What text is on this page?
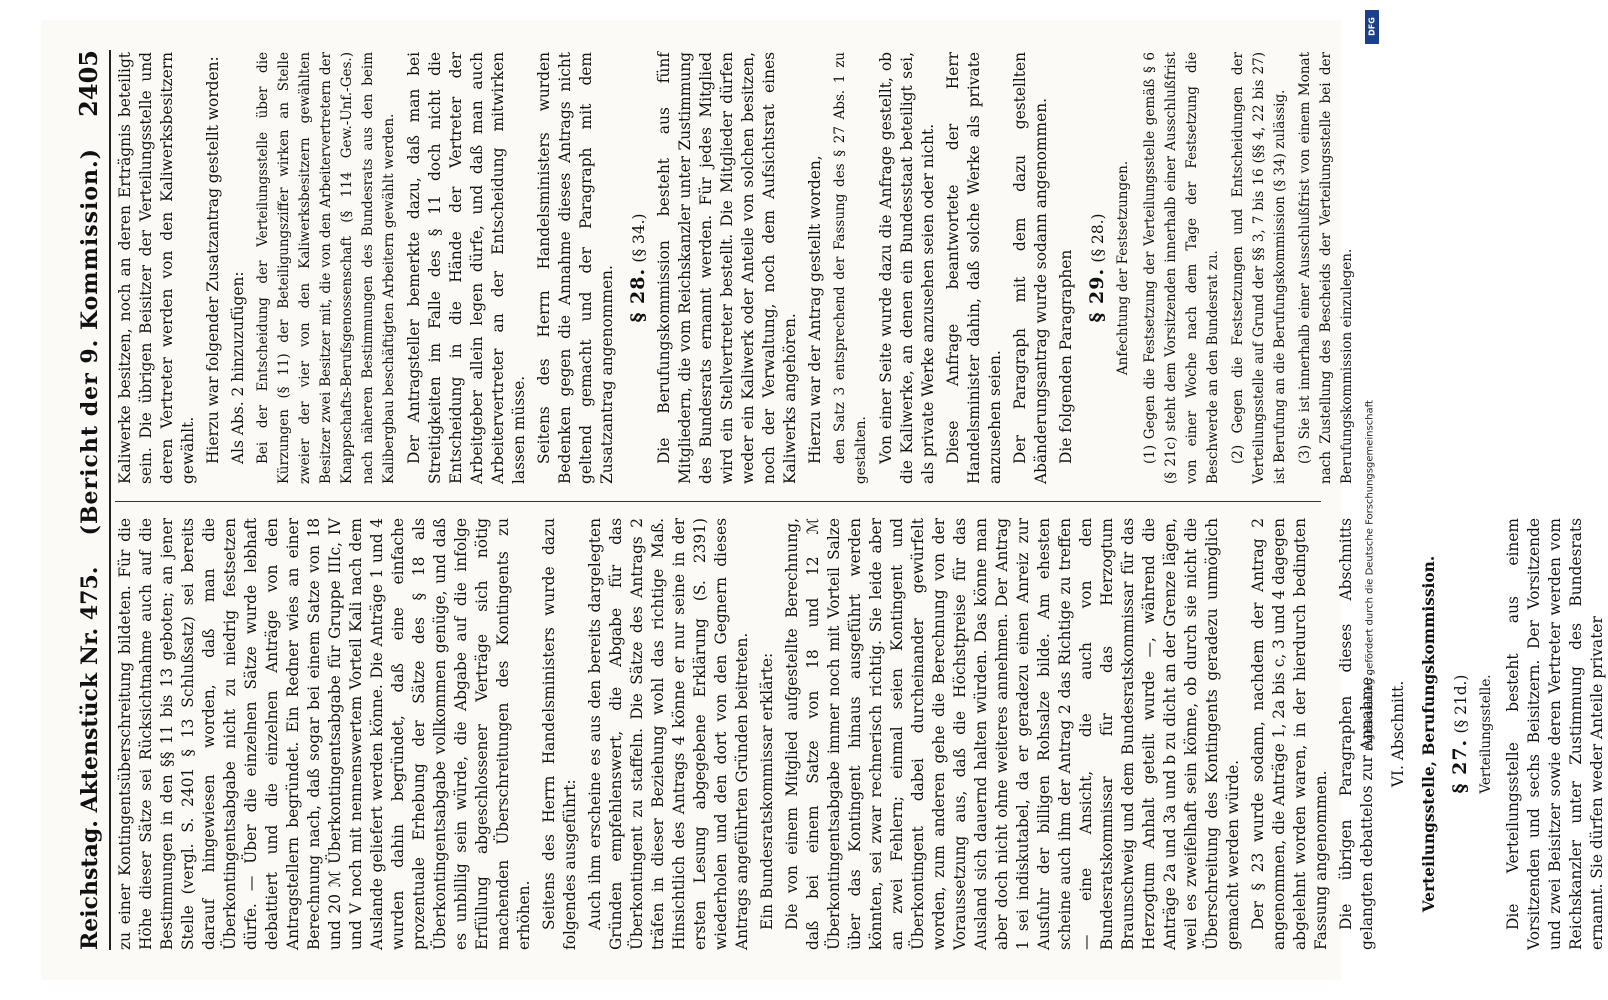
Reichstag. Aktenstück Nr. 475.
(Bericht der 9. Kommission.)
2405

zu einer Kontingentsüberschreitung bildeten. Für die Höhe dieser Sätze sei Rücksichtnahme auch auf die Bestimmungen in den §§ 11 bis 13 geboten; an jener Stelle (vergl. S. 2401 § 13 Schlußsatz) sei bereits darauf hingewiesen worden, daß man die Überkontingentsabgabe nicht zu niedrig festsetzen dürfe. — Über die einzelnen Sätze wurde lebhaft debattiert und die einzelnen Anträge von den Antragstellern begründet. Ein Redner wies an einer Berechnung nach, daß sogar bei einem Satze von 18 und 20 ℳ Überkontingentsabgabe für Gruppe IIIc, IV und V noch mit nennenswertem Vorteil Kali nach dem Auslande geliefert werden könne. Die Anträge 1 und 4 wurden dahin begründet, daß eine einfache prozentuale Erhebung der Sätze des § 18 als Überkontingentsabgabe vollkommen genüge, und daß es unbillig sein würde, die Abgabe auf die infolge Erfüllung abgeschlossener Verträge sich nötig machenden Überschreitungen des Kontingents zu erhöhen. Seitens des Herrn Handelsministers wurde dazu folgendes ausgeführt: Auch ihm erscheine es aus den bereits dargelegten Gründen empfehlenswert, die Abgabe für das Überkontingent zu staffeln. Die Sätze des Antrags 2 träfen in dieser Beziehung wohl das richtige Maß. Hinsichtlich des Antrags 4 könne er nur seine in der ersten Lesung abgegebene Erklärung (S. 2391) wiederholen und den dort von den Gegnern dieses Antrags angeführten Gründen beitreten. Ein Bundesratskommissar erklärte: Die von einem Mitglied aufgestellte Berechnung, daß bei einem Satze von 18 und 12 ℳ Überkontingentsabgabe immer noch mit Vorteil Salze über das Kontingent hinaus ausgeführt werden könnten, sei zwar rechnerisch richtig. Sie leide aber an zwei Fehlern; einmal seien Kontingent und Überkontingent dabei durcheinander gewürfelt worden, zum anderen gehe die Berechnung von der Voraussetzung aus, daß die Höchstpreise für das Ausland sich dauernd halten würden. Das könne man aber doch nicht ohne weiteres annehmen. Der Antrag 1 sei indiskutabel, da er geradezu einen Anreiz zur Ausfuhr der billigen Rohsalze bilde. Am ehesten scheine auch ihm der Antrag 2 das Richtige zu treffen — eine Ansicht, die auch von den Bundesratskommissar für das Herzogtum Braunschweig und dem Bundesratskommissar für das Herzogtum Anhalt geteilt wurde —, während die Anträge 2a und 3a und b zu dicht an der Grenze lägen, weil es zweifelhaft sein könne, ob durch sie nicht die Überschreitung des Kontingents geradezu unmöglich gemacht werden würde. Der § 23 wurde sodann, nachdem der Antrag 2 angenommen, die Anträge 1, 2a bis c, 3 und 4 dagegen abgelehnt worden waren, in der hierdurch bedingten Fassung angenommen. Die übrigen Paragraphen dieses Abschnitts gelangten debattelos zur Annahme. VI. Abschnitt. Verteilungsstelle, Berufungskommission. § 27. (§ 21d.) Verteilungsstelle. Die Verteilungsstelle besteht aus einem Vorsitzenden und sechs Beisitzern. Der Vorsitzende und zwei Beisitzer sowie deren Vertreter werden vom Reichskanzler unter Zustimmung des Bundesrats ernannt. Sie dürfen weder Anteile privater

Kaliwerke besitzen, noch an deren Erträgnis beteiligt sein. Die übrigen Beisitzer der Verteilungsstelle und deren Vertreter werden von den Kaliwerksbesitzern gewählt. Hierzu war folgender Zusatzantrag gestellt worden: Als Abs. 2 hinzuzufügen: Bei der Entscheidung der Verteilungsstelle über die Kürzungen (§ 11) der Beteiligungsziffer wirken an Stelle zweier der vier von den Kaliwerksbesitzern gewählten Besitzer zwei Besitzer mit, die von den Arbeitervertretern der Knappschafts-Berufsgenossenschaft (§ 114 Gew.-Unf.-Ges.) nach näheren Bestimmungen des Bundesrats aus den beim Kalibergbau beschäftigten Arbeitern gewählt werden. Der Antragsteller bemerkte dazu, daß man bei Streitigkeiten im Falle des § 11 doch nicht die Entscheidung in die Hände der Vertreter der Arbeitgeber allein legen dürfe, und daß man auch Arbeitervertreter an der Entscheidung mitwirken lassen müsse. Seitens des Herrn Handelsministers wurden Bedenken gegen die Annahme dieses Antrags nicht geltend gemacht und der Paragraph mit dem Zusatzantrag angenommen. § 28. (§ 34.) Die Berufungskommission besteht aus fünf Mitgliedern, die vom Reichskanzler unter Zustimmung des Bundesrats ernannt werden. Für jedes Mitglied wird ein Stellvertreter bestellt. Die Mitglieder dürfen weder ein Kaliwerk oder Anteile von solchen besitzen, noch der Verwaltung, noch dem Aufsichtsrat eines Kaliwerks angehören. Hierzu war der Antrag gestellt worden, den Satz 3 entsprechend der Fassung des § 27 Abs. 1 zu gestalten. Von einer Seite wurde dazu die Anfrage gestellt, ob die Kaliwerke, an denen ein Bundesstaat beteiligt sei, als private Werke anzusehen seien oder nicht. Diese Anfrage beantwortete der Herr Handelsminister dahin, daß solche Werke als private anzusehen seien. Der Paragraph mit dem dazu gestellten Abänderungsantrag wurde sodann angenommen. Die folgenden Paragraphen § 29. (§ 28.) Anfechtung der Festsetzungen. (1) Gegen die Festsetzung der Verteilungsstelle gemäß § 6 (§ 21c) steht dem Vorsitzenden innerhalb einer Ausschlußfrist von einer Woche nach dem Tage der Festsetzung die Beschwerde an den Bundesrat zu. (2) Gegen die Festsetzungen und Entscheidungen der Verteilungsstelle auf Grund der §§ 3, 7 bis 16 (§§ 4, 22 bis 27) ist Berufung an die Berufungskommission (§ 34) zulässig. (3) Sie ist innerhalb einer Ausschlußfrist von einem Monat nach Zustellung des Bescheids der Verteilungsstelle bei der Berufungskommission einzulegen.

DFG
Digitalisierung gefördert durch die Deutsche Forschungsgemeinschaft
